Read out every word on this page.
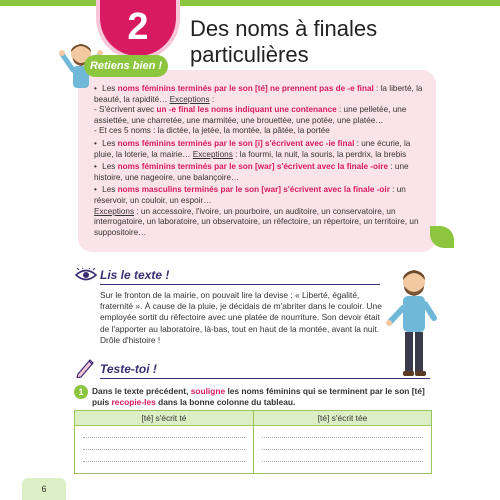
2 Des noms à finales particulières
• Les noms féminins terminés par le son [té] ne prennent pas de -e final : la liberté, la beauté, la rapidité… Exceptions :
- S'écrivent avec un -e final les noms indiquant une contenance : une pelletée, une assiettée, une charretée, une marmitée, une brouettée, une potée, une platée…
- Et ces 5 noms : la dictée, la jetée, la montée, la pâtée, la portée
• Les noms féminins terminés par le son [i] s'écrivent avec -ie final : une écurie, la pluie, la loterie, la mairie… Exceptions : la fourmi, la nuit, la souris, la perdrix, la brebis
• Les noms féminins terminés par le son [war] s'écrivent avec la finale -oire : une histoire, une nageoire, une balançoire…
• Les noms masculins terminés par le son [war] s'écrivent avec la finale -oir : un réservoir, un couloir, un espoir…
Exceptions : un accessoire, l'ivoire, un pourboire, un auditoire, un conservatoire, un interrogatoire, un laboratoire, un observatoire, un réfectoire, un répertoire, un territoire, un suppositoire…
Retiens bien !
Lis le texte !
Sur le fronton de la mairie, on pouvait lire la devise : « Liberté, égalité, fraternité ». À cause de la pluie, je décidais de m'abriter dans le couloir. Une employée sortit du réfectoire avec une platée de nourriture. Son devoir était de l'apporter au laboratoire, là-bas, tout en haut de la montée, avant la nuit. Drôle d'histoire !
Teste-toi !
1	Dans le texte précédent, souligne les noms féminins qui se terminent par le son [té] puis recopie-les dans la bonne colonne du tableau.
[té] s'écrit té	[té] s'écrit tée
6
